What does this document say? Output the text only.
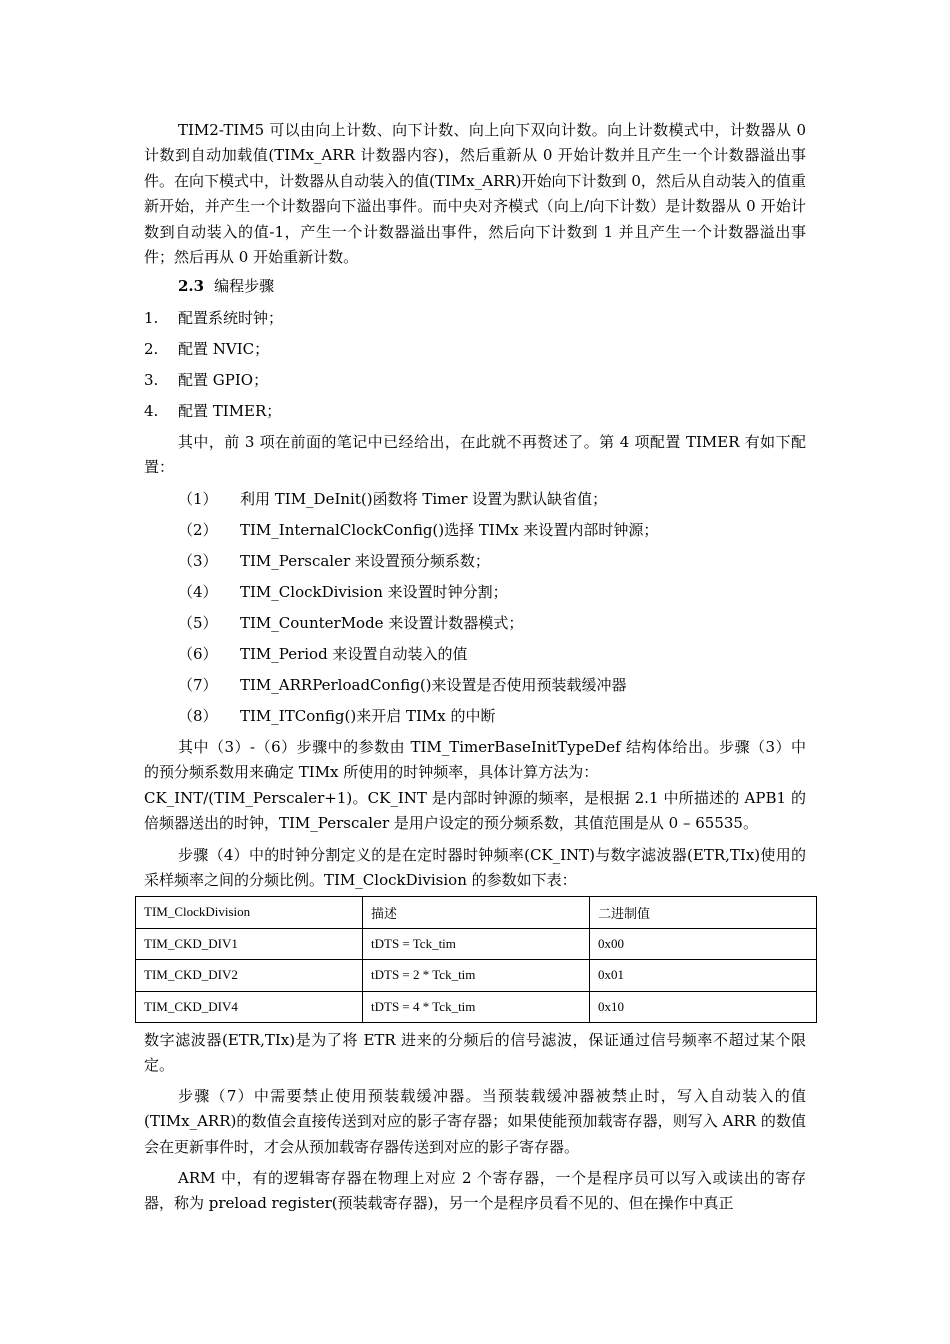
TIM2-TIM5 可以由向上计数、向下计数、向上向下双向计数。向上计数模式中，计数器从 0 计数到自动加载值(TIMx_ARR 计数器内容)，然后重新从 0 开始计数并且产生一个计数器溢出事件。在向下模式中，计数器从自动装入的值(TIMx_ARR)开始向下计数到 0，然后从自动装入的值重新开始，并产生一个计数器向下溢出事件。而中央对齐模式（向上/向下计数）是计数器从 0 开始计数到自动装入的值-1，产生一个计数器溢出事件，然后向下计数到 1 并且产生一个计数器溢出事件；然后再从 0 开始重新计数。

2.3 编程步骤
1. 配置系统时钟；
2. 配置 NVIC；
3. 配置 GPIO；
4. 配置 TIMER；

其中，前 3 项在前面的笔记中已经给出，在此就不再赘述了。第 4 项配置 TIMER 有如下配置：

（1） 利用 TIM_DeInit()函数将 Timer 设置为默认缺省值；
（2） TIM_InternalClockConfig()选择 TIMx 来设置内部时钟源；
（3） TIM_Perscaler 来设置预分频系数；
（4） TIM_ClockDivision 来设置时钟分割；
（5） TIM_CounterMode 来设置计数器模式；
（6） TIM_Period 来设置自动装入的值
（7） TIM_ARRPerloadConfig()来设置是否使用预装载缓冲器
（8） TIM_ITConfig()来开启 TIMx 的中断

其中（3）-（6）步骤中的参数由 TIM_TimerBaseInitTypeDef 结构体给出。步骤（3）中的预分频系数用来确定 TIMx 所使用的时钟频率，具体计算方法为：

CK_INT/(TIM_Perscaler+1)。CK_INT 是内部时钟源的频率，是根据 2.1 中所描述的 APB1 的倍频器送出的时钟，TIM_Perscaler 是用户设定的预分频系数，其值范围是从 0 – 65535。

步骤（4）中的时钟分割定义的是在定时器时钟频率(CK_INT)与数字滤波器(ETR,TIx)使用的采样频率之间的分频比例。TIM_ClockDivision 的参数如下表：

TIM_ClockDivision	描述	二进制值
TIM_CKD_DIV1	tDTS = Tck_tim	0x00
TIM_CKD_DIV2	tDTS = 2 * Tck_tim	0x01
TIM_CKD_DIV4	tDTS = 4 * Tck_tim	0x10

数字滤波器(ETR,TIx)是为了将 ETR 进来的分频后的信号滤波，保证通过信号频率不超过某个限定。

步骤（7）中需要禁止使用预装载缓冲器。当预装载缓冲器被禁止时，写入自动装入的值(TIMx_ARR)的数值会直接传送到对应的影子寄存器；如果使能预加载寄存器，则写入 ARR 的数值会在更新事件时，才会从预加载寄存器传送到对应的影子寄存器。

ARM 中，有的逻辑寄存器在物理上对应 2 个寄存器，一个是程序员可以写入或读出的寄存器，称为 preload register(预装载寄存器)，另一个是程序员看不见的、但在操作中真正
